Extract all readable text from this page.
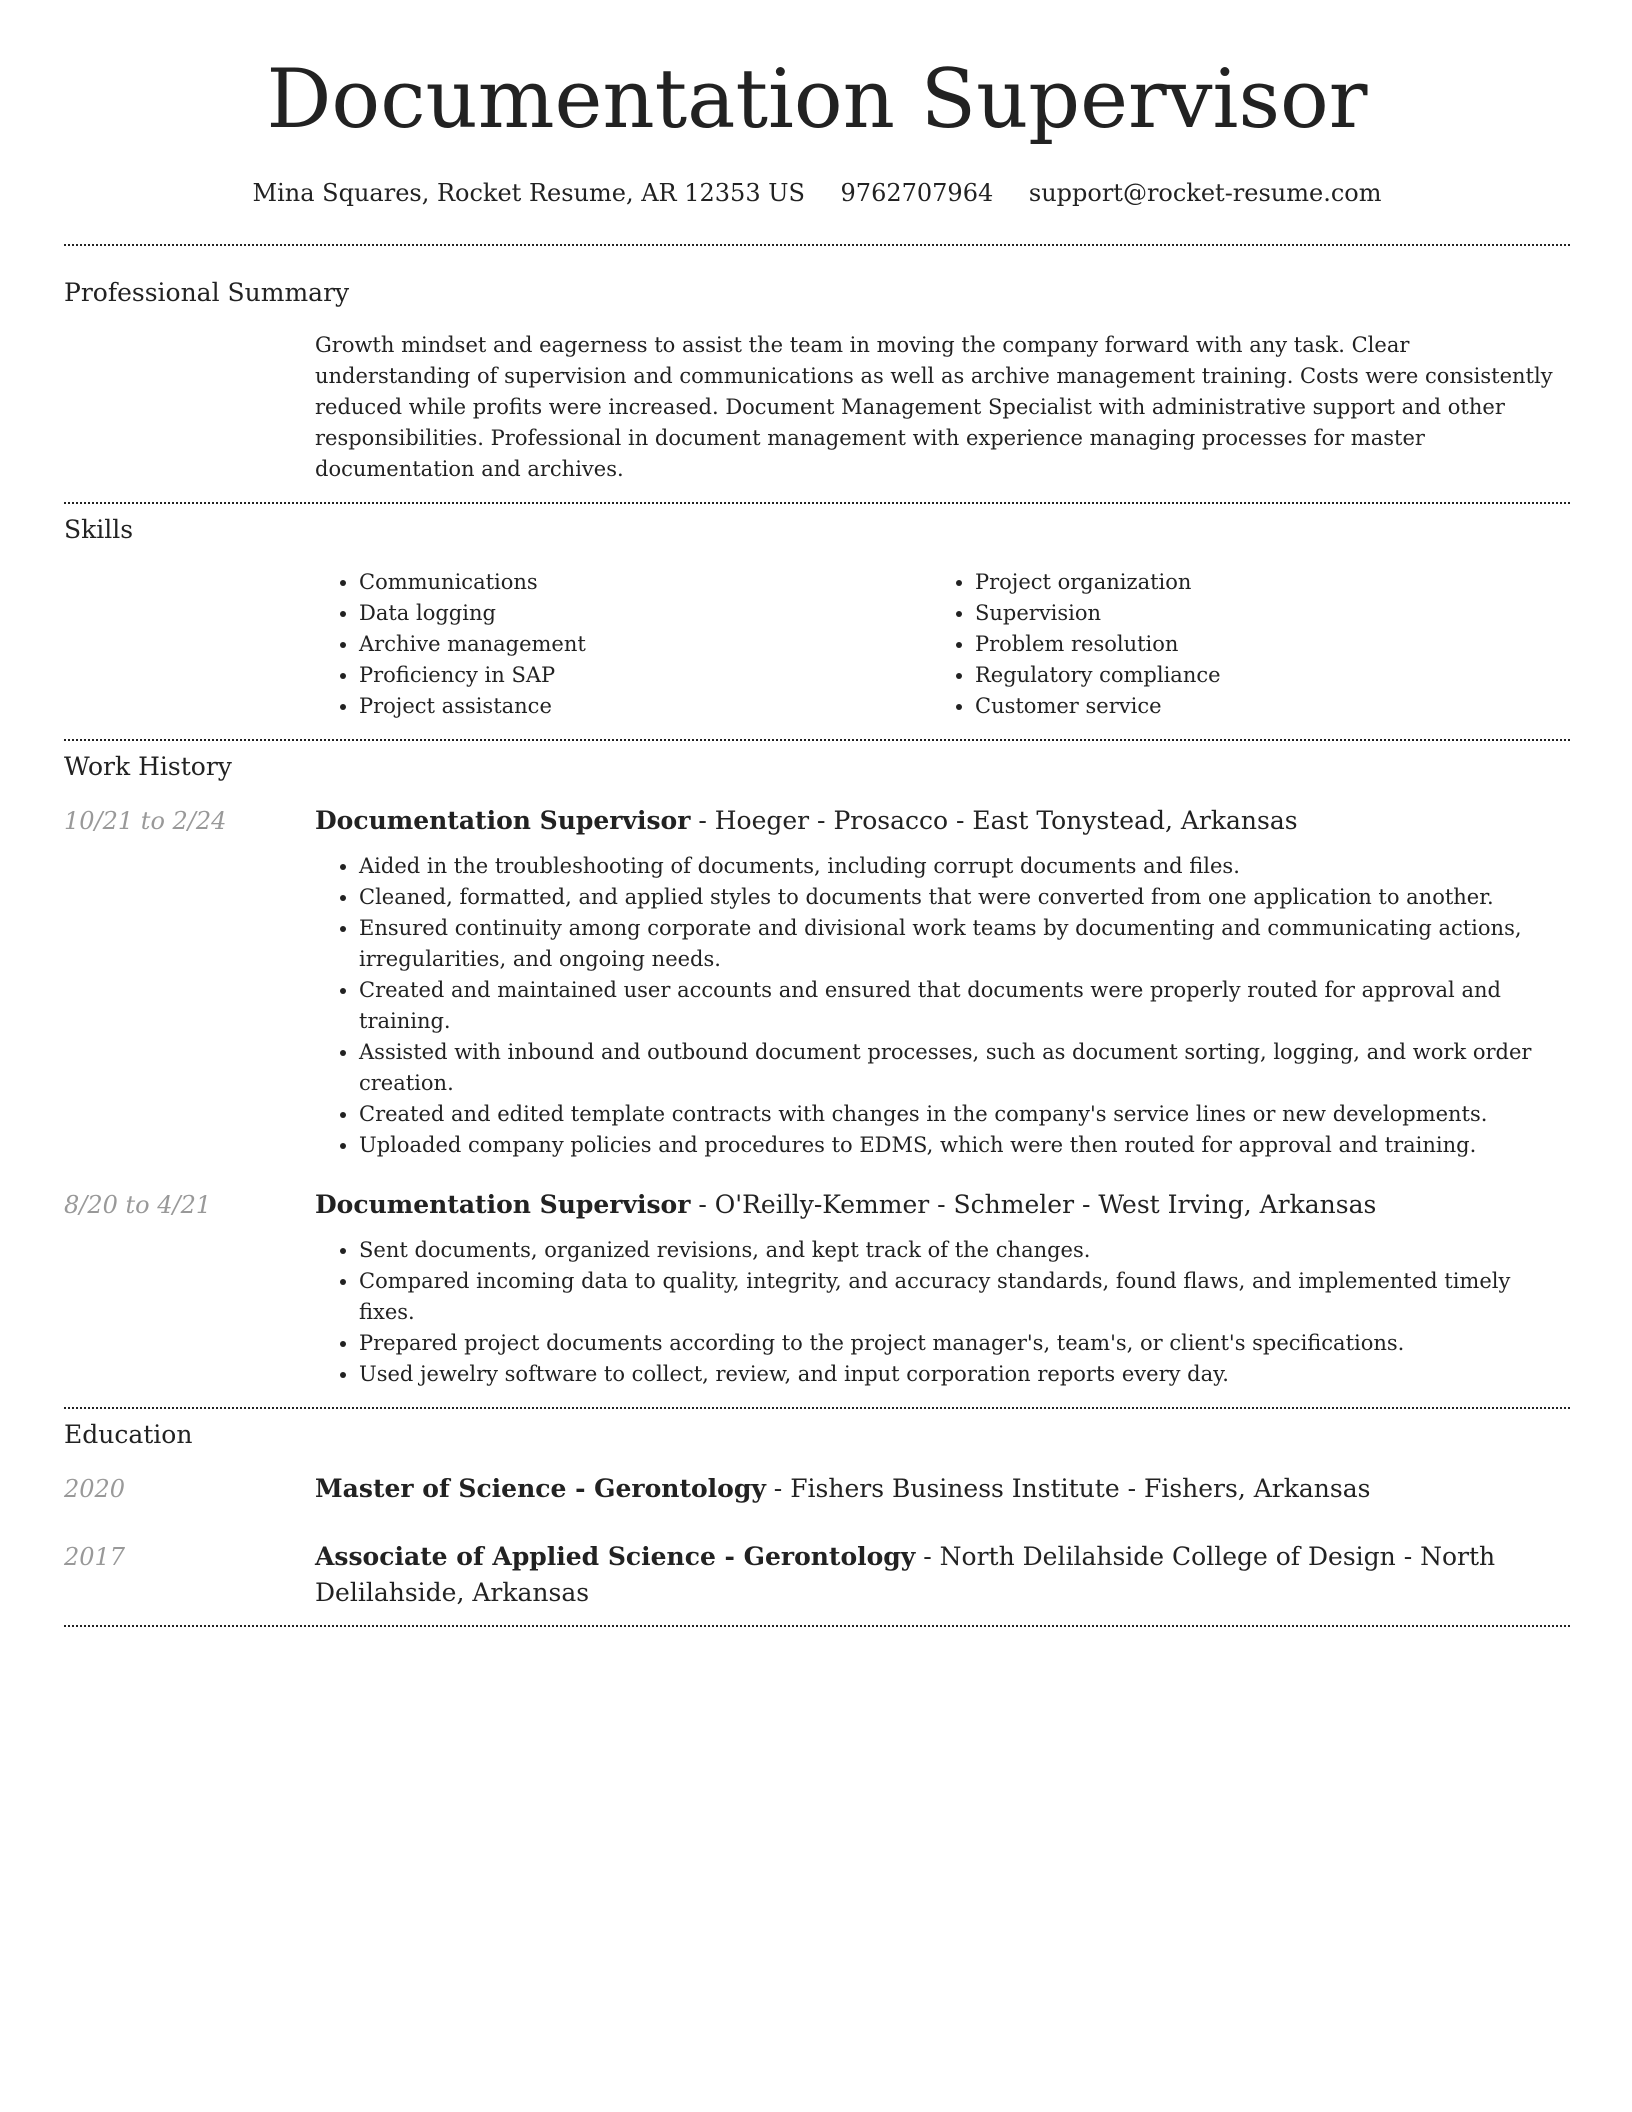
Documentation Supervisor
Mina Squares, Rocket Resume, AR 12353 US 9762707964 support@rocket-resume.com
Professional Summary

Growth mindset and eagerness to assist the team in moving the company forward with any task. Clear understanding of supervision and communications as well as archive management training. Costs were consistently reduced while profits were increased. Document Management Specialist with administrative support and other responsibilities. Professional in document management with experience managing processes for master documentation and archives.

Skills
• Communications
• Data logging
• Archive management
• Proficiency in SAP
• Project assistance
• Project organization
• Supervision
• Problem resolution
• Regulatory compliance
• Customer service
Work History
10/21 to 2/24	Documentation Supervisor - Hoeger - Prosacco - East Tonystead, Arkansas
• Aided in the troubleshooting of documents, including corrupt documents and files.
• Cleaned, formatted, and applied styles to documents that were converted from one application to another.
• Ensured continuity among corporate and divisional work teams by documenting and communicating actions, irregularities, and ongoing needs.
• Created and maintained user accounts and ensured that documents were properly routed for approval and training.
• Assisted with inbound and outbound document processes, such as document sorting, logging, and work order creation.
• Created and edited template contracts with changes in the company's service lines or new developments.
• Uploaded company policies and procedures to EDMS, which were then routed for approval and training.
8/20 to 4/21	Documentation Supervisor - O'Reilly-Kemmer - Schmeler - West Irving, Arkansas
• Sent documents, organized revisions, and kept track of the changes.
• Compared incoming data to quality, integrity, and accuracy standards, found flaws, and implemented timely fixes.
• Prepared project documents according to the project manager's, team's, or client's specifications.
• Used jewelry software to collect, review, and input corporation reports every day.
Education
2020	Master of Science - Gerontology - Fishers Business Institute - Fishers, Arkansas
2017	Associate of Applied Science - Gerontology - North Delilahside College of Design - North Delilahside, Arkansas
